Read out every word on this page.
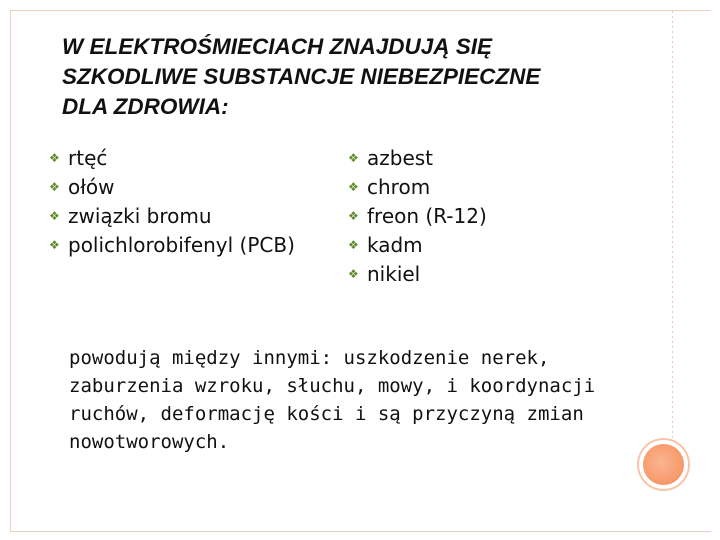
W ELEKTROŚMIECIACH ZNAJDUJĄ SIĘ
SZKODLIWE SUBSTANCJE NIEBEZPIECZNE
DLA ZDROWIA:
❖ rtęć
❖ ołów
❖ związki bromu
❖ polichlorobifenyl (PCB)
❖ azbest
❖ chrom
❖ freon (R-12)
❖ kadm
❖ nikiel
powodują między innymi: uszkodzenie nerek,
zaburzenia wzroku, słuchu, mowy, i koordynacji
ruchów, deformację kości i są przyczyną zmian
nowotworowych.
